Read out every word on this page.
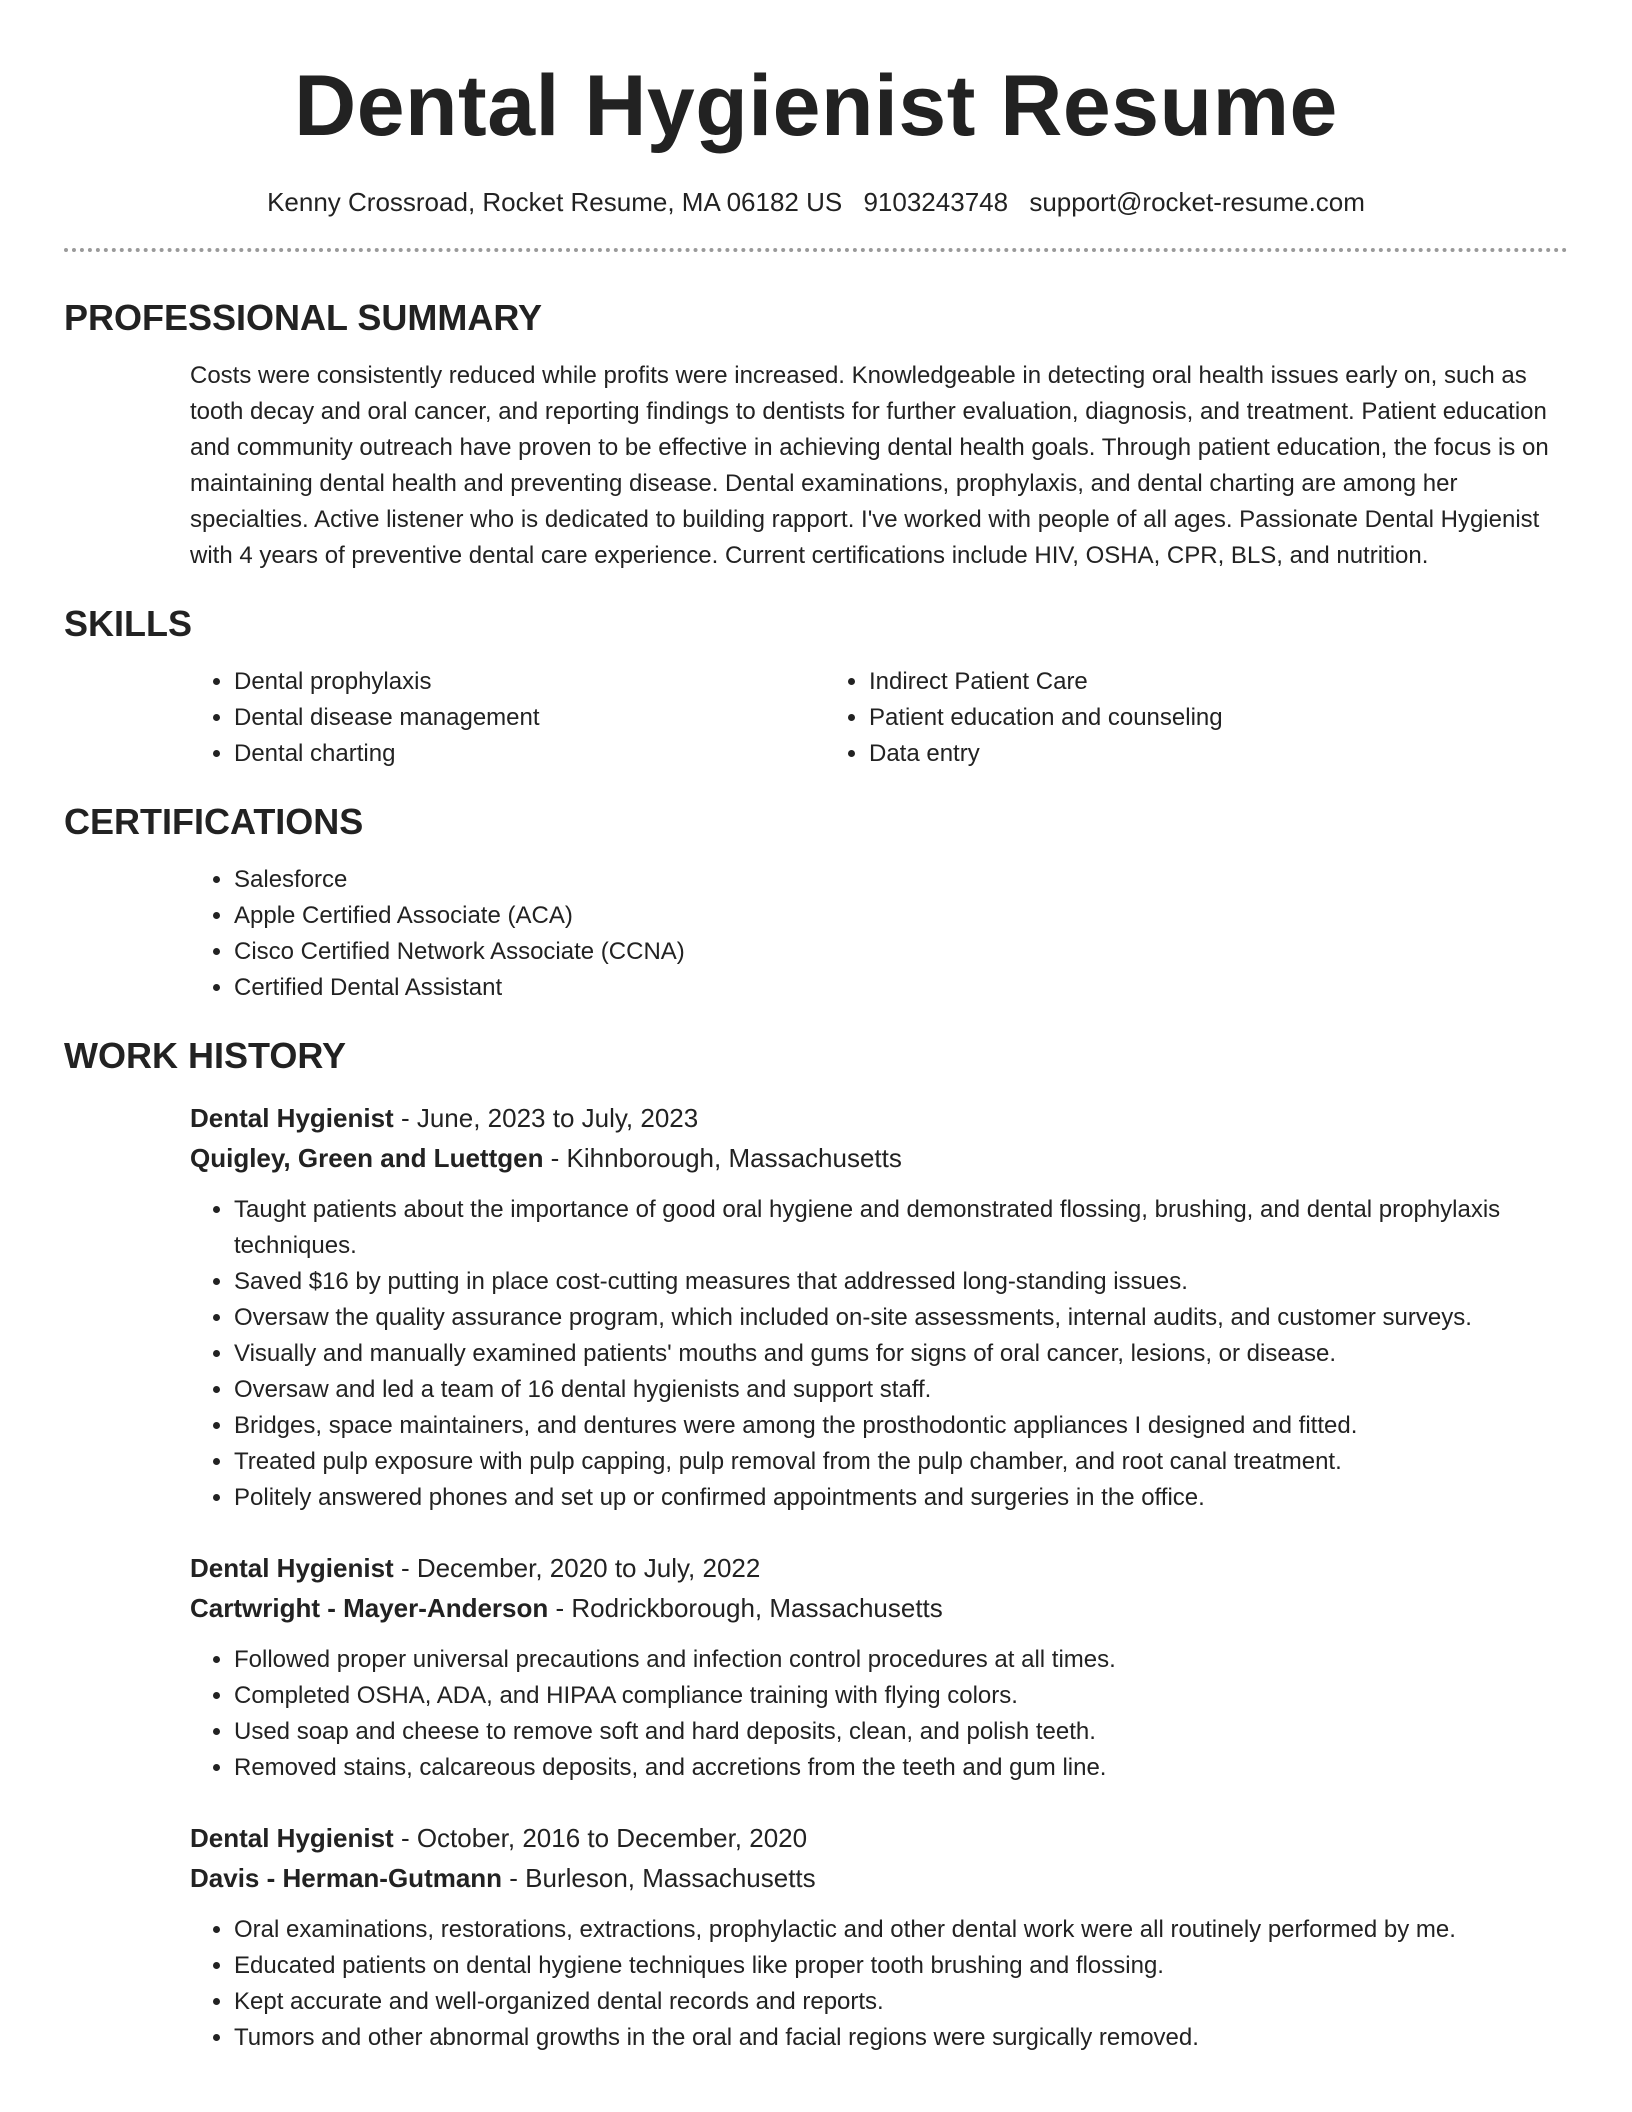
Dental Hygienist Resume
Kenny Crossroad, Rocket Resume, MA 06182 US 9103243748 support@rocket-resume.com
PROFESSIONAL SUMMARY

Costs were consistently reduced while profits were increased. Knowledgeable in detecting oral health issues early on, such as tooth decay and oral cancer, and reporting findings to dentists for further evaluation, diagnosis, and treatment. Patient education and community outreach have proven to be effective in achieving dental health goals. Through patient education, the focus is on maintaining dental health and preventing disease. Dental examinations, prophylaxis, and dental charting are among her specialties. Active listener who is dedicated to building rapport. I've worked with people of all ages. Passionate Dental Hygienist with 4 years of preventive dental care experience. Current certifications include HIV, OSHA, CPR, BLS, and nutrition.

SKILLS
• Dental prophylaxis
• Dental disease management
• Dental charting
• Indirect Patient Care
• Patient education and counseling
• Data entry
CERTIFICATIONS
• Salesforce
• Apple Certified Associate (ACA)
• Cisco Certified Network Associate (CCNA)
• Certified Dental Assistant
WORK HISTORY
Dental Hygienist - June, 2023 to July, 2023
Quigley, Green and Luettgen - Kihnborough, Massachusetts
• Taught patients about the importance of good oral hygiene and demonstrated flossing, brushing, and dental prophylaxis techniques.
• Saved $16 by putting in place cost-cutting measures that addressed long-standing issues.
• Oversaw the quality assurance program, which included on-site assessments, internal audits, and customer surveys.
• Visually and manually examined patients' mouths and gums for signs of oral cancer, lesions, or disease.
• Oversaw and led a team of 16 dental hygienists and support staff.
• Bridges, space maintainers, and dentures were among the prosthodontic appliances I designed and fitted.
• Treated pulp exposure with pulp capping, pulp removal from the pulp chamber, and root canal treatment.
• Politely answered phones and set up or confirmed appointments and surgeries in the office.
Dental Hygienist - December, 2020 to July, 2022
Cartwright - Mayer-Anderson - Rodrickborough, Massachusetts
• Followed proper universal precautions and infection control procedures at all times.
• Completed OSHA, ADA, and HIPAA compliance training with flying colors.
• Used soap and cheese to remove soft and hard deposits, clean, and polish teeth.
• Removed stains, calcareous deposits, and accretions from the teeth and gum line.
Dental Hygienist - October, 2016 to December, 2020
Davis - Herman-Gutmann - Burleson, Massachusetts
• Oral examinations, restorations, extractions, prophylactic and other dental work were all routinely performed by me.
• Educated patients on dental hygiene techniques like proper tooth brushing and flossing.
• Kept accurate and well-organized dental records and reports.
• Tumors and other abnormal growths in the oral and facial regions were surgically removed.
